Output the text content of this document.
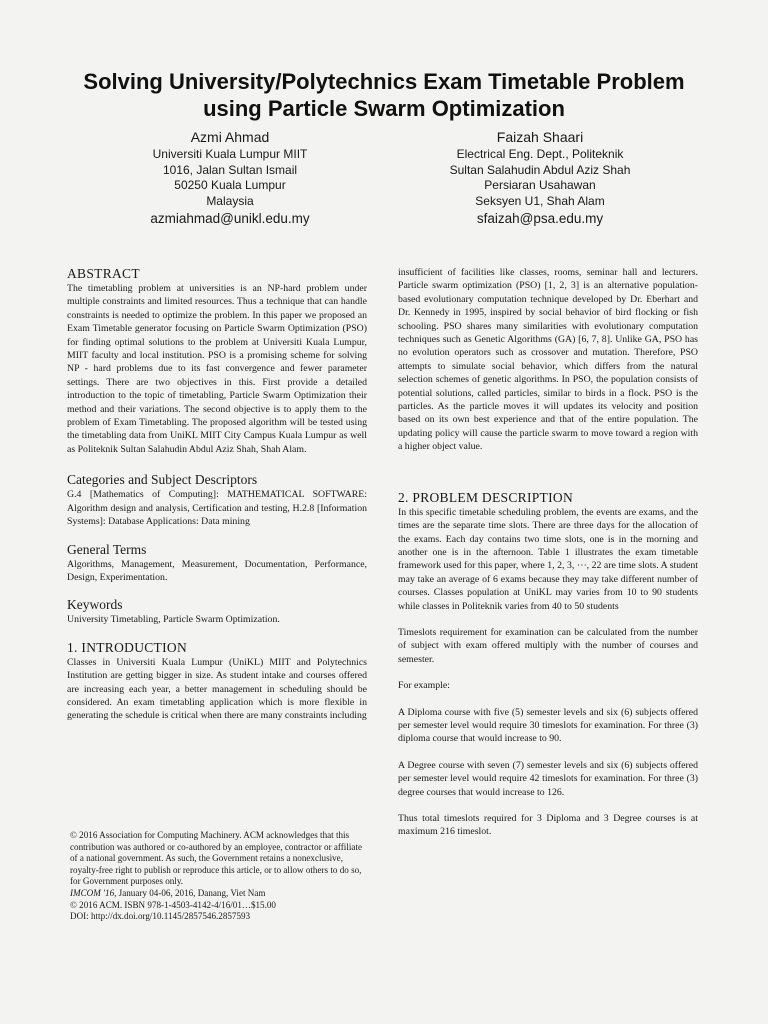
Solving University/Polytechnics Exam Timetable Problem
using Particle Swarm Optimization
Azmi Ahmad
Universiti Kuala Lumpur MIIT
1016, Jalan Sultan Ismail
50250 Kuala Lumpur
Malaysia
azmiahmad@unikl.edu.my
Faizah Shaari
Electrical Eng. Dept., Politeknik
Sultan Salahudin Abdul Aziz Shah
Persiaran Usahawan
Seksyen U1, Shah Alam
sfaizah@psa.edu.my
ABSTRACT

The timetabling problem at universities is an NP-hard problem under multiple constraints and limited resources. Thus a technique that can handle constraints is needed to optimize the problem. In this paper we proposed an Exam Timetable generator focusing on Particle Swarm Optimization (PSO) for finding optimal solutions to the problem at Universiti Kuala Lumpur, MIIT faculty and local institution. PSO is a promising scheme for solving NP - hard problems due to its fast convergence and fewer parameter settings. There are two objectives in this. First provide a detailed introduction to the topic of timetabling, Particle Swarm Optimization their method and their variations. The second objective is to apply them to the problem of Exam Timetabling. The proposed algorithm will be tested using the timetabling data from UniKL MIIT City Campus Kuala Lumpur as well as Politeknik Sultan Salahudin Abdul Aziz Shah, Shah Alam.

Categories and Subject Descriptors

G.4 [Mathematics of Computing]: MATHEMATICAL SOFTWARE: Algorithm design and analysis, Certification and testing, H.2.8 [Information Systems]: Database Applications: Data mining

General Terms

Algorithms, Management, Measurement, Documentation, Performance, Design, Experimentation.

Keywords

University Timetabling, Particle Swarm Optimization.

1. INTRODUCTION

Classes in Universiti Kuala Lumpur (UniKL) MIIT and Polytechnics Institution are getting bigger in size. As student intake and courses offered are increasing each year, a better management in scheduling should be considered. An exam timetabling application which is more flexible in generating the schedule is critical when there are many constraints including

© 2016 Association for Computing Machinery. ACM acknowledges that this contribution was authored or co-authored by an employee, contractor or affiliate of a national government. As such, the Government retains a nonexclusive, royalty-free right to publish or reproduce this article, or to allow others to do so, for Government purposes only.
IMCOM '16, January 04-06, 2016, Danang, Viet Nam
© 2016 ACM. ISBN 978-1-4503-4142-4/16/01…$15.00
DOI: http://dx.doi.org/10.1145/2857546.2857593

insufficient of facilities like classes, rooms, seminar hall and lecturers. Particle swarm optimization (PSO) [1, 2, 3] is an alternative population-based evolutionary computation technique developed by Dr. Eberhart and Dr. Kennedy in 1995, inspired by social behavior of bird flocking or fish schooling. PSO shares many similarities with evolutionary computation techniques such as Genetic Algorithms (GA) [6, 7, 8]. Unlike GA, PSO has no evolution operators such as crossover and mutation. Therefore, PSO attempts to simulate social behavior, which differs from the natural selection schemes of genetic algorithms. In PSO, the population consists of potential solutions, called particles, similar to birds in a flock. PSO is the particles. As the particle moves it will updates its velocity and position based on its own best experience and that of the entire population. The updating policy will cause the particle swarm to move toward a region with a higher object value.

2. PROBLEM DESCRIPTION

In this specific timetable scheduling problem, the events are exams, and the times are the separate time slots. There are three days for the allocation of the exams. Each day contains two time slots, one is in the morning and another one is in the afternoon. Table 1 illustrates the exam timetable framework used for this paper, where 1, 2, 3, ⋯, 22 are time slots. A student may take an average of 6 exams because they may take different number of courses. Classes population at UniKL may varies from 10 to 90 students while classes in Politeknik varies from 40 to 50 students

Timeslots requirement for examination can be calculated from the number of subject with exam offered multiply with the number of courses and semester.

For example:

A Diploma course with five (5) semester levels and six (6) subjects offered per semester level would require 30 timeslots for examination. For three (3) diploma course that would increase to 90.

A Degree course with seven (7) semester levels and six (6) subjects offered per semester level would require 42 timeslots for examination. For three (3) degree courses that would increase to 126.

Thus total timeslots required for 3 Diploma and 3 Degree courses is at maximum 216 timeslot.
